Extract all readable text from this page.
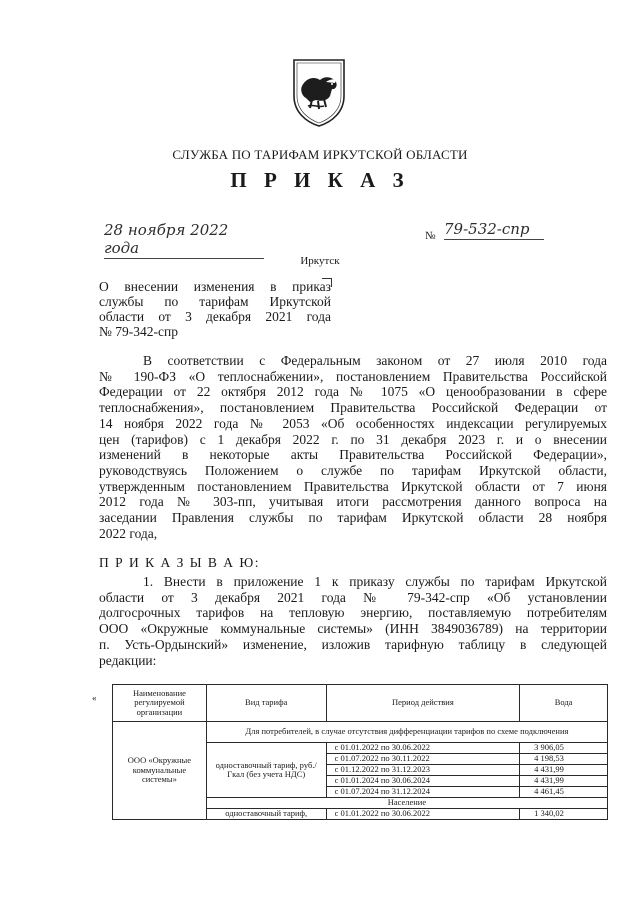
СЛУЖБА ПО ТАРИФАМ ИРКУТСКОЙ ОБЛАСТИ
П Р И К А З
28 ноября 2022 года
№ 79-532-спр
Иркутск
О внесении изменения в приказ
службы по тарифам Иркутской
области от 3 декабря 2021 года
№ 79-342-спр
В соответствии с Федеральным законом от 27 июля 2010 года
№ 190-ФЗ «О теплоснабжении», постановлением Правительства Российской
Федерации от 22 октября 2012 года № 1075 «О ценообразовании в сфере
теплоснабжения», постановлением Правительства Российской Федерации от
14 ноября 2022 года № 2053 «Об особенностях индексации регулируемых
цен (тарифов) с 1 декабря 2022 г. по 31 декабря 2023 г. и о внесении
изменений в некоторые акты Правительства Российской Федерации»,
руководствуясь Положением о службе по тарифам Иркутской области,
утвержденным постановлением Правительства Иркутской области от 7 июня
2012 года № 303-пп, учитывая итоги рассмотрения данного вопроса на
заседании Правления службы по тарифам Иркутской области 28 ноября
2022 года,
П Р И К А З Ы В А Ю:
1. Внести в приложение 1 к приказу службы по тарифам Иркутской
области от 3 декабря 2021 года № 79-342-спр «Об установлении
долгосрочных тарифов на тепловую энергию, поставляемую потребителям
ООО «Окружные коммунальные системы» (ИНН 3849036789) на территории
п. Усть-Ордынский» изменение, изложив тарифную таблицу в следующей
редакции:
«
Наименование регулируемой организации	Вид тарифа	Период действия	Вода
ООО «Окружные коммунальные системы»	Для потребителей, в случае отсутствия дифференциации тарифов по схеме подключения		
	одноставочный тариф, руб./Гкал (без учета НДС)	с 01.01.2022 по 30.06.2022	3 906,05
		с 01.07.2022 по 30.11.2022	4 198,53
		с 01.12.2022 по 31.12.2023	4 431,99
		с 01.01.2024 по 30.06.2024	4 431,99
		с 01.07.2024 по 31.12.2024	4 461,45
	Население		
	одноставочный тариф,	с 01.01.2022 по 30.06.2022	1 340,02
